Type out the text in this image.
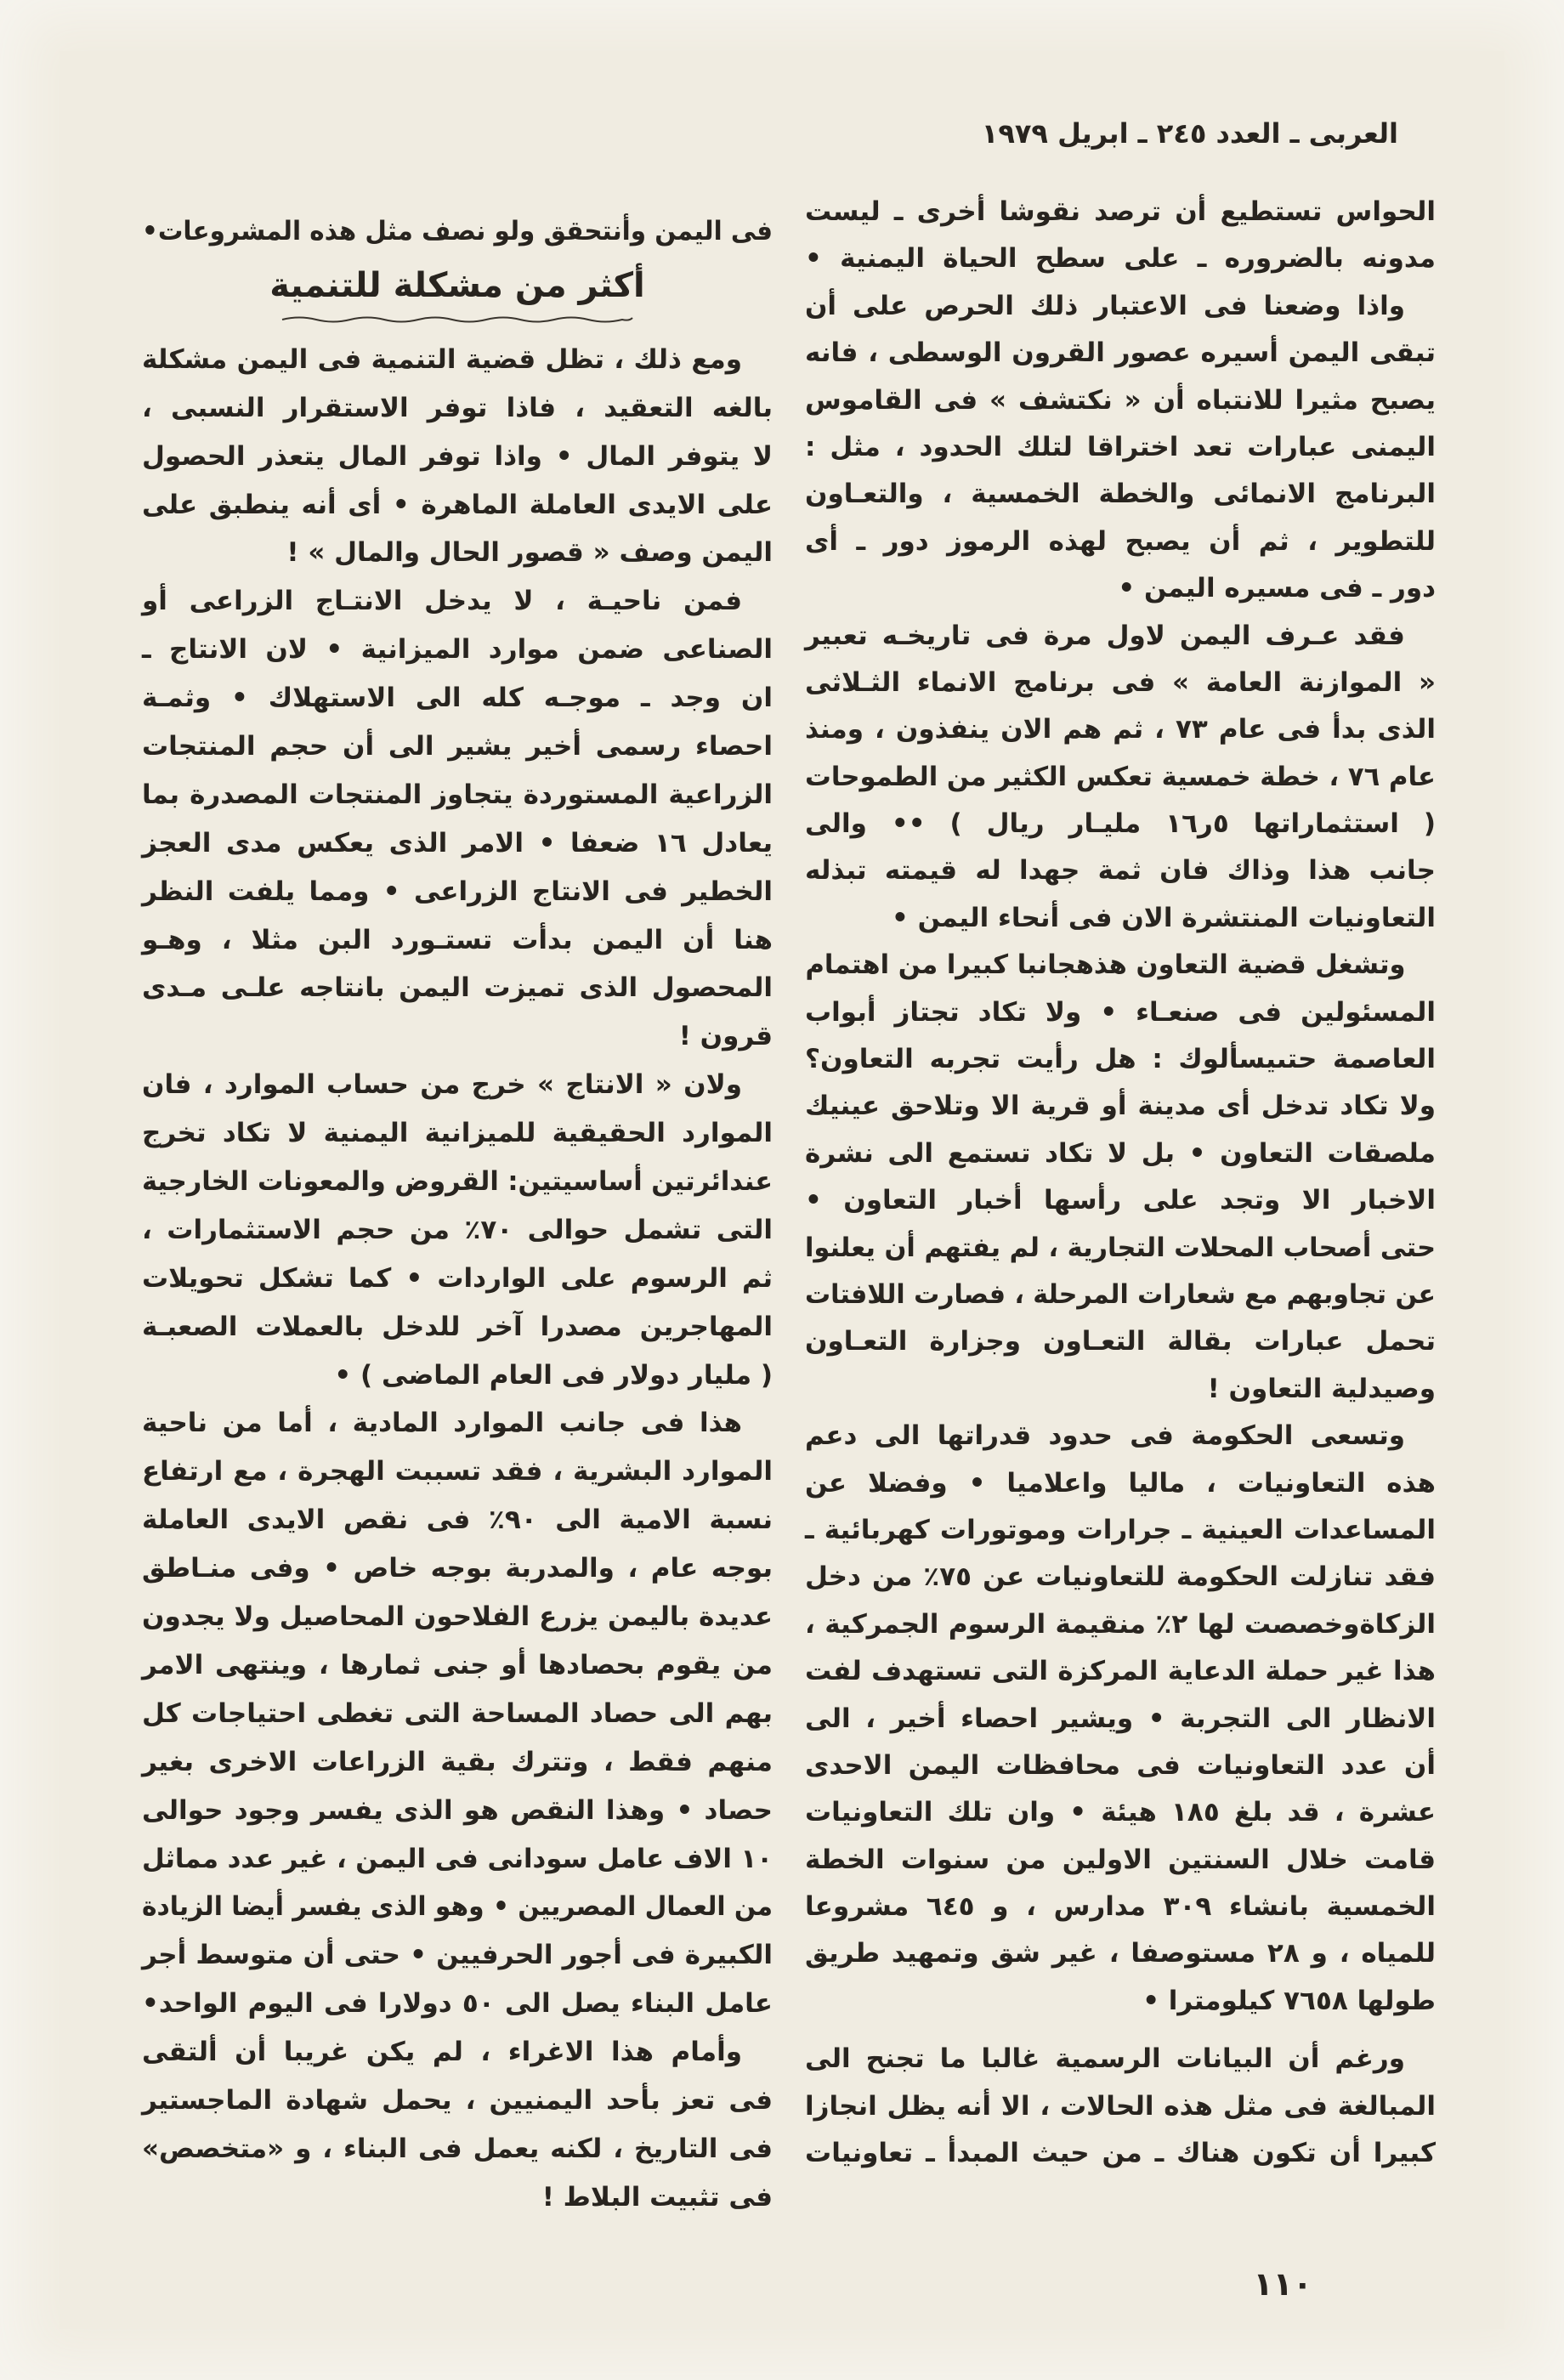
العربى ـ العدد ٢٤٥ ـ ابريل ١٩٧٩
الحواس تستطيع أن ترصد نقوشا أخرى ـ ليست
مدونه بالضروره ـ على سطح الحياة اليمنية •
واذا وضعنا فى الاعتبار ذلك الحرص على أن
تبقى اليمن أسيره عصور القرون الوسطى ، فانه
يصبح مثيرا للانتباه أن « نكتشف » فى القاموس
اليمنى عبارات تعد اختراقا لتلك الحدود ، مثل :
البرنامج الانمائى والخطة الخمسية ، والتعـاون
للتطوير ، ثم أن يصبح لهذه الرموز دور ـ أى
دور ـ فى مسيره اليمن •
فقد عـرف اليمن لاول مرة فى تاريخـه تعبير
« الموازنة العامة » فى برنامج الانماء الثـلاثى
الذى بدأ فى عام ٧٣ ، ثم هم الان ينفذون ، ومنذ
عام ٧٦ ، خطة خمسية تعكس الكثير من الطموحات
( استثماراتها ٥ر١٦ مليـار ريال ) •• والى
جانب هذا وذاك فان ثمة جهدا له قيمته تبذله
التعاونيات المنتشرة الان فى أنحاء اليمن •
وتشغل قضية التعاون هذهجانبا كبيرا من اهتمام
المسئولين فى صنعـاء • ولا تكاد تجتاز أبواب
العاصمة حتىيسألوك : هل رأيت تجربه التعاون؟
ولا تكاد تدخل أى مدينة أو قرية الا وتلاحق عينيك
ملصقات التعاون • بل لا تكاد تستمع الى نشرة
الاخبار الا وتجد على رأسها أخبار التعاون •
حتى أصحاب المحلات التجارية ، لم يفتهم أن يعلنوا
عن تجاوبهم مع شعارات المرحلة ، فصارت اللافتات
تحمل عبارات بقالة التعـاون وجزارة التعـاون
وصيدلية التعاون !
وتسعى الحكومة فى حدود قدراتها الى دعم
هذه التعاونيات ، ماليا واعلاميا • وفضلا عن
المساعدات العينية ـ جرارات وموتورات كهربائية ـ
فقد تنازلت الحكومة للتعاونيات عن ٧٥٪ من دخل
الزكاةوخصصت لها ٢٪ منقيمة الرسوم الجمركية ،
هذا غير حملة الدعاية المركزة التى تستهدف لفت
الانظار الى التجربة • ويشير احصاء أخير ، الى
أن عدد التعاونيات فى محافظات اليمن الاحدى
عشرة ، قد بلغ ١٨٥ هيئة • وان تلك التعاونيات
قامت خلال السنتين الاولين من سنوات الخطة
الخمسية بانشاء ٣٠٩ مدارس ، و ٦٤٥ مشروعا
للمياه ، و ٢٨ مستوصفا ، غير شق وتمهيد طريق
طولها ٧٦٥٨ كيلومترا •
ورغم أن البيانات الرسمية غالبا ما تجنح الى
المبالغة فى مثل هذه الحالات ، الا أنه يظل انجازا
كبيرا أن تكون هناك ـ من حيث المبدأ ـ تعاونيات
فى اليمن وأنتحقق ولو نصف مثل هذه المشروعات•
أكثر من مشكلة للتنمية
ومع ذلك ، تظل قضية التنمية فى اليمن مشكلة
بالغه التعقيد ، فاذا توفر الاستقرار النسبى ،
لا يتوفر المال • واذا توفر المال يتعذر الحصول
على الايدى العاملة الماهرة • أى أنه ينطبق على
اليمن وصف « قصور الحال والمال » !
فمن ناحيـة ، لا يدخل الانتـاج الزراعى أو
الصناعى ضمن موارد الميزانية • لان الانتاج ـ
ان وجد ـ موجـه كله الى الاستهلاك • وثمـة
احصاء رسمى أخير يشير الى أن حجم المنتجات
الزراعية المستوردة يتجاوز المنتجات المصدرة بما
يعادل ١٦ ضعفا • الامر الذى يعكس مدى العجز
الخطير فى الانتاج الزراعى • ومما يلفت النظر
هنا أن اليمن بدأت تستـورد البن مثلا ، وهـو
المحصول الذى تميزت اليمن بانتاجه علـى مـدى
قرون !
ولان « الانتاج » خرج من حساب الموارد ، فان
الموارد الحقيقية للميزانية اليمنية لا تكاد تخرج
عندائرتين أساسيتين: القروض والمعونات الخارجية
التى تشمل حوالى ٧٠٪ من حجم الاستثمارات ،
ثم الرسوم على الواردات • كما تشكل تحويلات
المهاجرين مصدرا آخر للدخل بالعملات الصعبـة
( مليار دولار فى العام الماضى ) •
هذا فى جانب الموارد المادية ، أما من ناحية
الموارد البشرية ، فقد تسببت الهجرة ، مع ارتفاع
نسبة الامية الى ٩٠٪ فى نقص الايدى العاملة
بوجه عام ، والمدربة بوجه خاص • وفى منـاطق
عديدة باليمن يزرع الفلاحون المحاصيل ولا يجدون
من يقوم بحصادها أو جنى ثمارها ، وينتهى الامر
بهم الى حصاد المساحة التى تغطى احتياجات كل
منهم فقط ، وتترك بقية الزراعات الاخرى بغير
حصاد • وهذا النقص هو الذى يفسر وجود حوالى
١٠ الاف عامل سودانى فى اليمن ، غير عدد مماثل
من العمال المصريين • وهو الذى يفسر أيضا الزيادة
الكبيرة فى أجور الحرفيين • حتى أن متوسط أجر
عامل البناء يصل الى ٥٠ دولارا فى اليوم الواحد•
وأمام هذا الاغراء ، لم يكن غريبا أن ألتقى
فى تعز بأحد اليمنيين ، يحمل شهادة الماجستير
فى التاريخ ، لكنه يعمل فى البناء ، و «متخصص»
فى تثبيت البلاط !
١١٠
